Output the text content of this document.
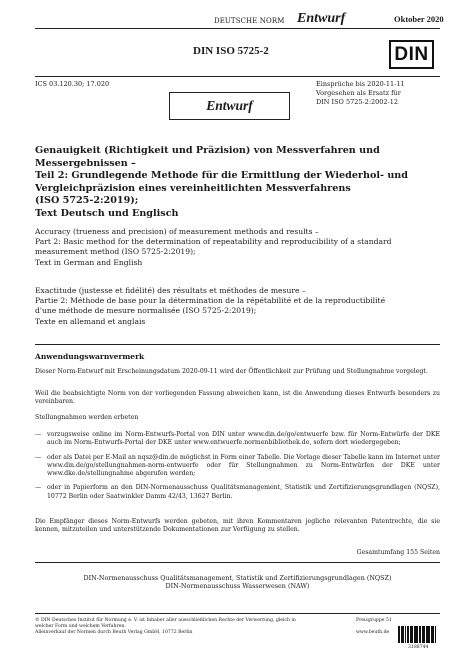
DEUTSCHE NORM Entwurf	Oktober 2020
DIN ISO 5725-2	DIN
ICS 03.120.30; 17.020	Einsprüche bis 2020-11-11
Vorgesehen als Ersatz für
DIN ISO 5725-2:2002-12
Entwurf
Genauigkeit (Richtigkeit und Präzision) von Messverfahren und
Messergebnissen –
Teil 2: Grundlegende Methode für die Ermittlung der Wiederhol- und
Vergleichpräzision eines vereinheitlichten Messverfahrens
(ISO 5725-2:2019);
Text Deutsch und Englisch
Accuracy (trueness and precision) of measurement methods and results –
Part 2: Basic method for the determination of repeatability and reproducibility of a standard
measurement method (ISO 5725-2:2019);
Text in German and English
Exactitude (justesse et fidélité) des résultats et méthodes de mesure –
Partie 2: Méthode de base pour la détermination de la répétabilité et de la reproductibilité
d'une méthode de mesure normalisée (ISO 5725-2:2019);
Texte en allemand et anglais
Anwendungswarnvermerk
Dieser Norm-Entwurf mit Erscheinungsdatum 2020-09-11 wird der Öffentlichkeit zur Prüfung und Stellungnahme vorgelegt.
Weil die beabsichtigte Norm von der vorliegenden Fassung abweichen kann, ist die Anwendung dieses Entwurfs besonders zu vereinbaren.
Stellungnahmen werden erbeten
— vorzugsweise online im Norm-Entwurfs-Portal von DIN unter www.din.de/go/entwuerfe bzw. für Norm-Entwürfe der DKE auch im Norm-Entwurfs-Portal der DKE unter www.entwuerfe.normenbibliothek.de, sofern dort wiedergegeben;
— oder als Datei per E-Mail an nqsz@din.de möglichst in Form einer Tabelle. Die Vorlage dieser Tabelle kann im Internet unter www.din.de/go/stellungnahmen-norm-entwuerfe oder für Stellungnahmen zu Norm-Entwürfen der DKE unter www.dke.de/stellungnahme abgerufen werden;
— oder in Papierform an den DIN-Normenausschuss Qualitätsmanagement, Statistik und Zertifizierungsgrundlagen (NQSZ), 10772 Berlin oder Saatwinkler Damm 42/43, 13627 Berlin.
Die Empfänger dieses Norm-Entwurfs werden gebeten, mit ihren Kommentaren jegliche relevanten Patentrechte, die sie kennen, mitzuteilen und unterstützende Dokumentationen zur Verfügung zu stellen.
Gesamtumfang 155 Seiten
DIN-Normenausschuss Qualitätsmanagement, Statistik und Zertifizierungsgrundlagen (NQSZ)
DIN-Normenausschuss Wasserwesen (NAW)
© DIN Deutsches Institut für Normung e. V. ist Inhaber aller ausschließlichen Rechte der Verwertung, gleich in
welcher Form und welchem Verfahren.
Alleinverkauf der Normen durch Beuth Verlag GmbH, 10772 Berlin
Preisgruppe 51
www.beuth.de
3188744
